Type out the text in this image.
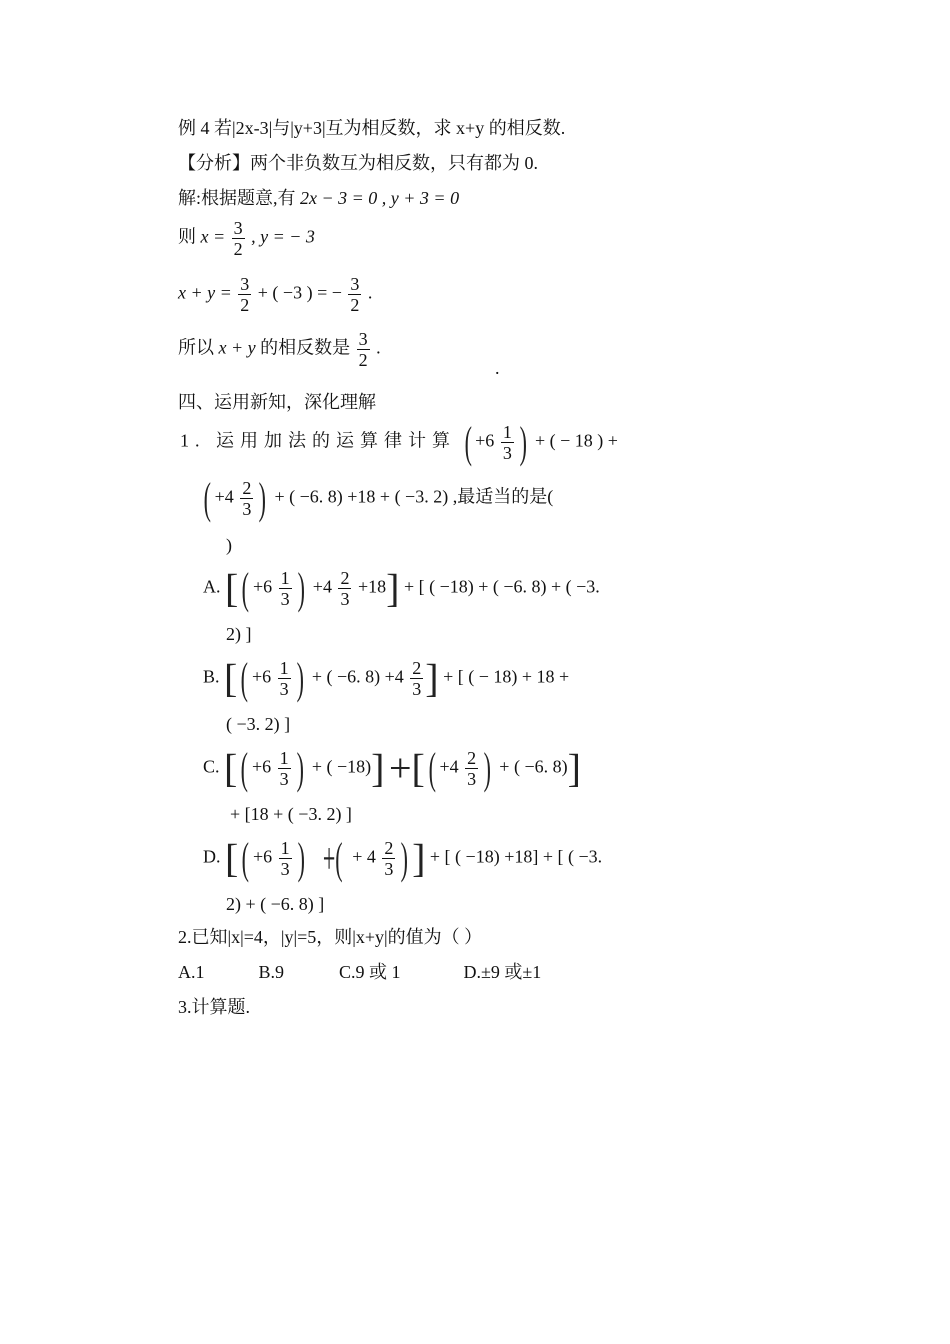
例 4 若|2x-3|与|y+3|互为相反数，求 x+y 的相反数.
【分析】两个非负数互为相反数，只有都为 0.
解:根据题意,有 2x − 3 = 0 , y + 3 = 0
则 $x = \frac{3}{2}$ , y = − 3
$x + y = \frac{3}{2}$ + ( −3 ) = − $\frac{3}{2}$ .
所以 x + y 的相反数是 $\frac{3}{2}$ .
.
四、运用新知，深化理解
1. 运用加法的运算律计算 ( $+6 \frac{1}{3}$ ) + ( − 18 ) +
( $+4 \frac{2}{3}$ ) + ( −6. 8) +18 + ( −3. 2) ,最适当的是(
)
A. [( $+6 \frac{1}{3}$ ) $+4 \frac{2}{3} +18$] + [ ( −18) + ( −6. 8) + ( −3.
2) ]
B. [( $+6 \frac{1}{3}$ ) + ( −6. $8) +4 \frac{2}{3}$ ] + [ ( − 18) + 18 +
( −3. 2) ]
C. [( $+6 \frac{1}{3}$ ) + ( −18)] +[( $+4 \frac{2}{3}$ ) + ( −6. 8)]
+ [18 + ( −3. 2) ]
D. [( $+6 \frac{1}{3}$ ) +( + $4 \frac{2}{3}$ )] + [ ( −18) +18] + [ ( −3.
2) + ( −6. 8) ]
2.已知|x|=4，|y|=5，则|x+y|的值为（ ）
A.1	B.9	C.9 或 1	D.±9 或±1
3.计算题.
